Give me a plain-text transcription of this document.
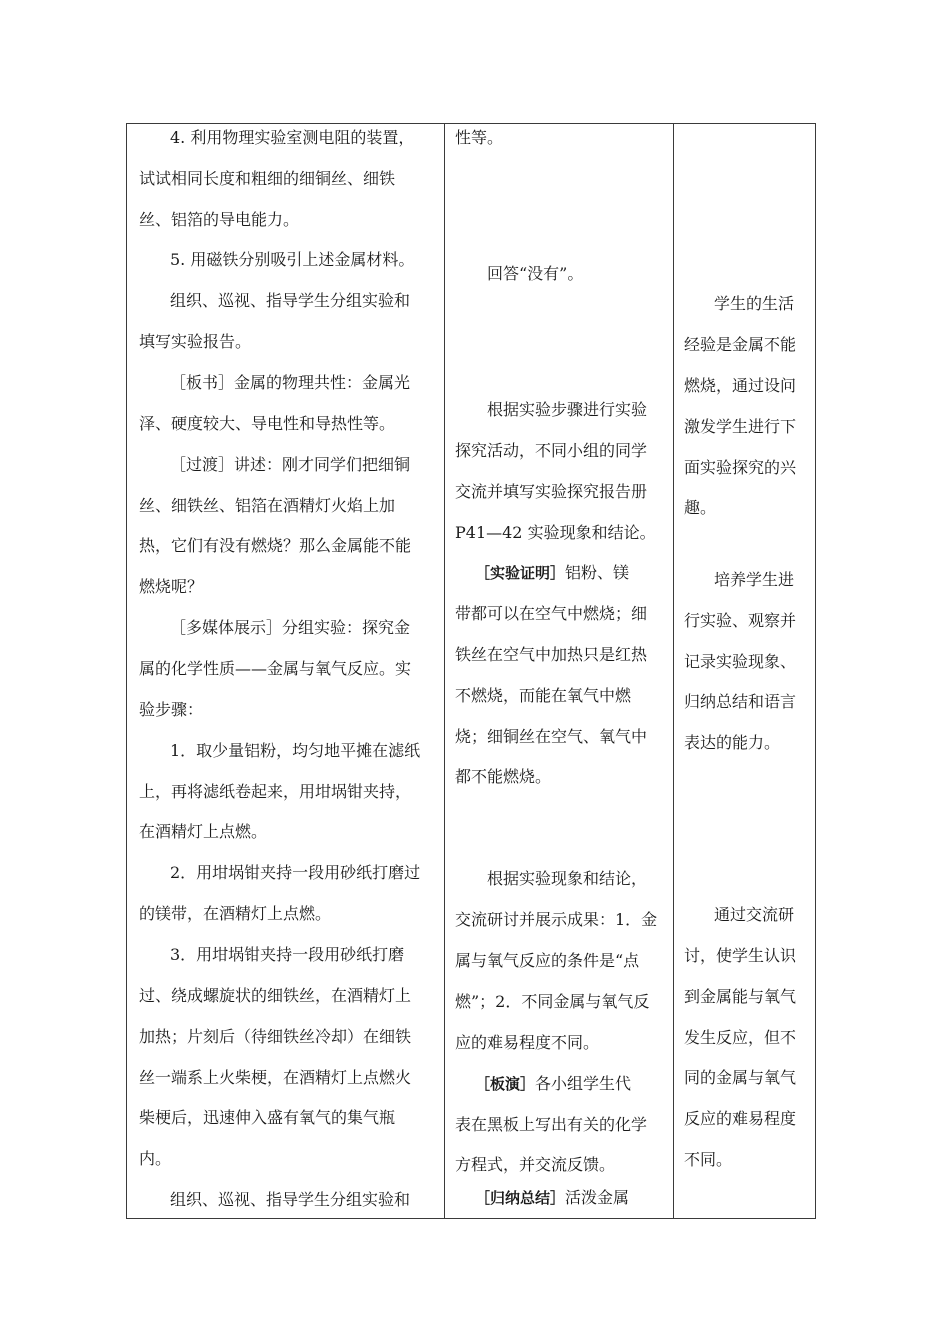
4. 利用物理实验室测电阻的装置，
试试相同长度和粗细的细铜丝、细铁
丝、铝箔的导电能力。
5. 用磁铁分别吸引上述金属材料。
组织、巡视、指导学生分组实验和
填写实验报告。
［板书］金属的物理共性：金属光
泽、硬度较大、导电性和导热性等。
［过渡］讲述：刚才同学们把细铜
丝、细铁丝、铝箔在酒精灯火焰上加
热，它们有没有燃烧？那么金属能不能
燃烧呢？
［多媒体展示］分组实验：探究金
属的化学性质——金属与氧气反应。实
验步骤：
1．取少量铝粉，均匀地平摊在滤纸
上，再将滤纸卷起来，用坩埚钳夹持，
在酒精灯上点燃。
2．用坩埚钳夹持一段用砂纸打磨过
的镁带，在酒精灯上点燃。
3．用坩埚钳夹持一段用砂纸打磨
过、绕成螺旋状的细铁丝，在酒精灯上
加热；片刻后（待细铁丝冷却）在细铁
丝一端系上火柴梗，在酒精灯上点燃火
柴梗后，迅速伸入盛有氧气的集气瓶
内。
组织、巡视、指导学生分组实验和
性等。
回答“没有”。
根据实验步骤进行实验
探究活动，不同小组的同学
交流并填写实验探究报告册
P41—42 实验现象和结论。
［实验证明］铝粉、镁
带都可以在空气中燃烧；细
铁丝在空气中加热只是红热
不燃烧，而能在氧气中燃
烧；细铜丝在空气、氧气中
都不能燃烧。
根据实验现象和结论，
交流研讨并展示成果：1．金
属与氧气反应的条件是“点
燃”；2．不同金属与氧气反
应的难易程度不同。
［板演］各小组学生代
表在黑板上写出有关的化学
方程式，并交流反馈。
［归纳总结］活泼金属
学生的生活
经验是金属不能
燃烧，通过设问
激发学生进行下
面实验探究的兴
趣。
培养学生进
行实验、观察并
记录实验现象、
归纳总结和语言
表达的能力。
通过交流研
讨，使学生认识
到金属能与氧气
发生反应，但不
同的金属与氧气
反应的难易程度
不同。
